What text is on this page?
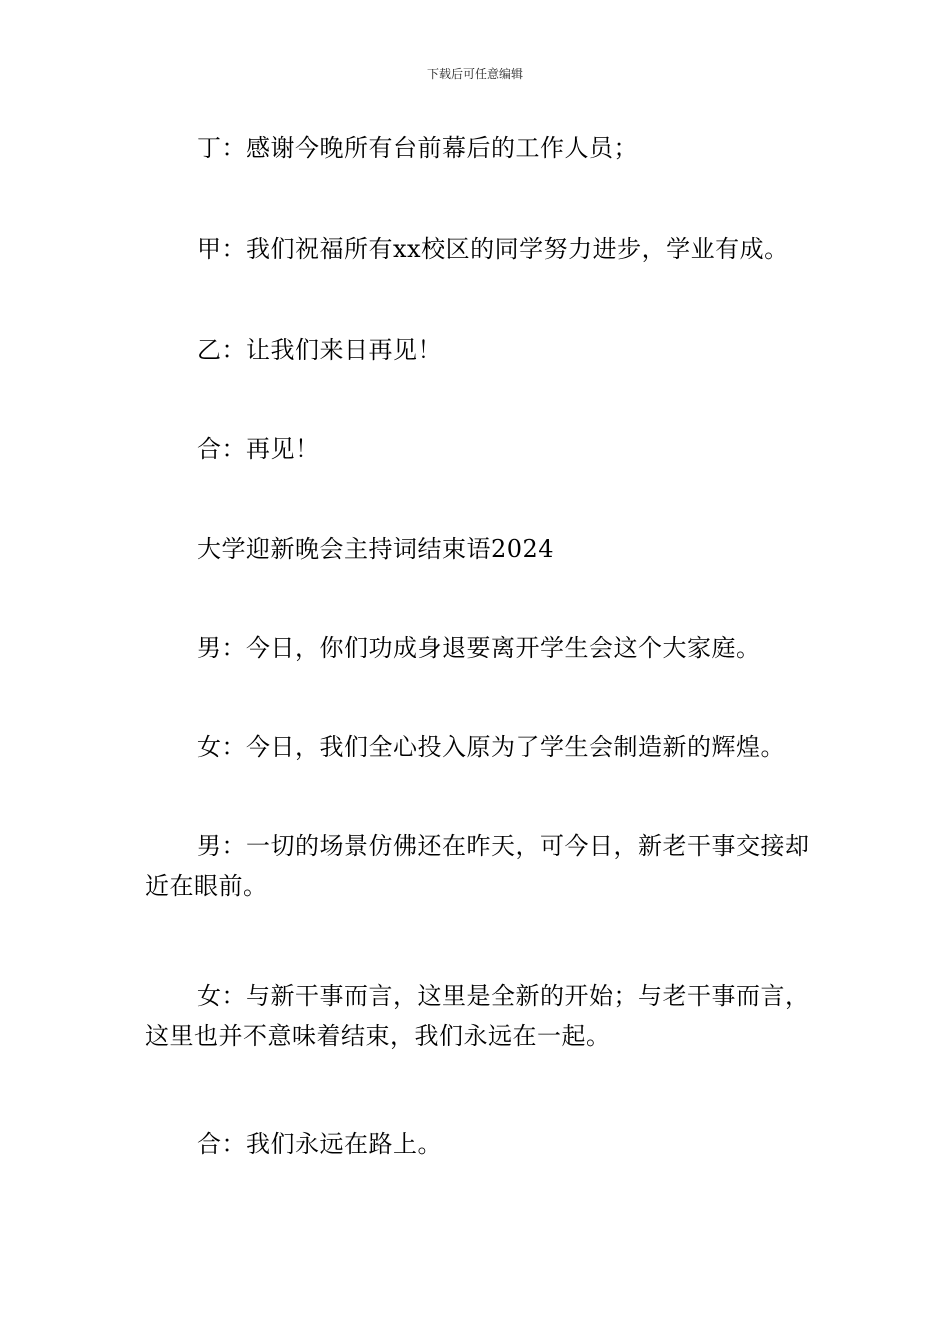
下载后可任意编辑

丁：感谢今晚所有台前幕后的工作人员；

甲：我们祝福所有xx校区的同学努力进步，学业有成。

乙：让我们来日再见！

合：再见！

大学迎新晚会主持词结束语2024

男：今日，你们功成身退要离开学生会这个大家庭。

女：今日，我们全心投入原为了学生会制造新的辉煌。

男：一切的场景仿佛还在昨天，可今日，新老干事交接却近在眼前。

女：与新干事而言，这里是全新的开始；与老干事而言，这里也并不意味着结束，我们永远在一起。

合：我们永远在路上。
